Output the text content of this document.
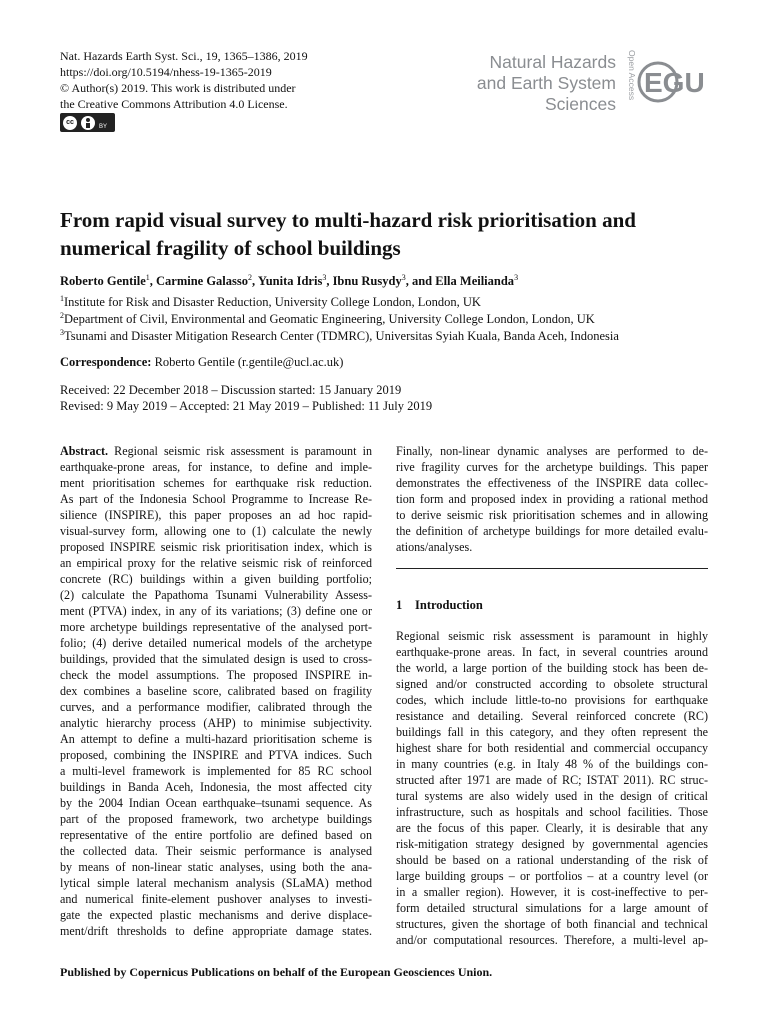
Nat. Hazards Earth Syst. Sci., 19, 1365–1386, 2019
https://doi.org/10.5194/nhess-19-1365-2019
© Author(s) 2019. This work is distributed under
the Creative Commons Attribution 4.0 License.
cc
BY
Natural Hazards
and Earth System
Sciences
Open Access EGU
From rapid visual survey to multi-hazard risk prioritisation and
numerical fragility of school buildings
Roberto Gentile$^1$, Carmine Galasso$^2$, Yunita Idris$^3$, Ibnu Rusydy$^3$, and Ella Meilianda$^3$
$^1$Institute for Risk and Disaster Reduction, University College London, London, UK
$^2$Department of Civil, Environmental and Geomatic Engineering, University College London, London, UK
$^3$Tsunami and Disaster Mitigation Research Center (TDMRC), Universitas Syiah Kuala, Banda Aceh, Indonesia
Correspondence: Roberto Gentile (r.gentile@ucl.ac.uk)
Received: 22 December 2018 – Discussion started: 15 January 2019
Revised: 9 May 2019 – Accepted: 21 May 2019 – Published: 11 July 2019
Abstract. Regional seismic risk assessment is paramount in
earthquake-prone areas, for instance, to define and imple-
ment prioritisation schemes for earthquake risk reduction.
As part of the Indonesia School Programme to Increase Re-
silience (INSPIRE), this paper proposes an ad hoc rapid-
visual-survey form, allowing one to (1) calculate the newly
proposed INSPIRE seismic risk prioritisation index, which is
an empirical proxy for the relative seismic risk of reinforced
concrete (RC) buildings within a given building portfolio;
(2) calculate the Papathoma Tsunami Vulnerability Assess-
ment (PTVA) index, in any of its variations; (3) define one or
more archetype buildings representative of the analysed port-
folio; (4) derive detailed numerical models of the archetype
buildings, provided that the simulated design is used to cross-
check the model assumptions. The proposed INSPIRE in-
dex combines a baseline score, calibrated based on fragility
curves, and a performance modifier, calibrated through the
analytic hierarchy process (AHP) to minimise subjectivity.
An attempt to define a multi-hazard prioritisation scheme is
proposed, combining the INSPIRE and PTVA indices. Such
a multi-level framework is implemented for 85 RC school
buildings in Banda Aceh, Indonesia, the most affected city
by the 2004 Indian Ocean earthquake–tsunami sequence. As
part of the proposed framework, two archetype buildings
representative of the entire portfolio are defined based on
the collected data. Their seismic performance is analysed
by means of non-linear static analyses, using both the ana-
lytical simple lateral mechanism analysis (SLaMA) method
and numerical finite-element pushover analyses to investi-
gate the expected plastic mechanisms and derive displace-
ment/drift thresholds to define appropriate damage states.
Finally, non-linear dynamic analyses are performed to de-
rive fragility curves for the archetype buildings. This paper
demonstrates the effectiveness of the INSPIRE data collec-
tion form and proposed index in providing a rational method
to derive seismic risk prioritisation schemes and in allowing
the definition of archetype buildings for more detailed evalu-
ations/analyses.
1 Introduction
Regional seismic risk assessment is paramount in highly
earthquake-prone areas. In fact, in several countries around
the world, a large portion of the building stock has been de-
signed and/or constructed according to obsolete structural
codes, which include little-to-no provisions for earthquake
resistance and detailing. Several reinforced concrete (RC)
buildings fall in this category, and they often represent the
highest share for both residential and commercial occupancy
in many countries (e.g. in Italy 48 % of the buildings con-
structed after 1971 are made of RC; ISTAT 2011). RC struc-
tural systems are also widely used in the design of critical
infrastructure, such as hospitals and school facilities. Those
are the focus of this paper. Clearly, it is desirable that any
risk-mitigation strategy designed by governmental agencies
should be based on a rational understanding of the risk of
large building groups – or portfolios – at a country level (or
in a smaller region). However, it is cost-ineffective to per-
form detailed structural simulations for a large amount of
structures, given the shortage of both financial and technical
and/or computational resources. Therefore, a multi-level ap-
Published by Copernicus Publications on behalf of the European Geosciences Union.
